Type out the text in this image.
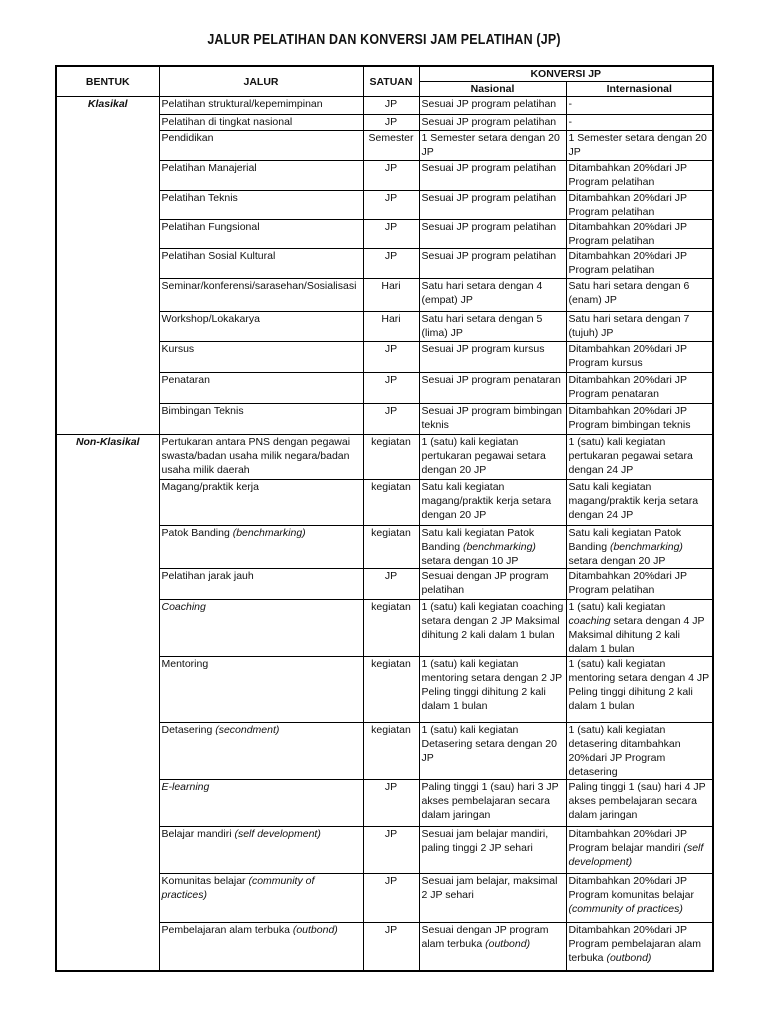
JALUR PELATIHAN DAN KONVERSI JAM PELATIHAN (JP)
BENTUK	JALUR	SATUAN	KONVERSI JP	
			Nasional	Internasional
Klasikal	Pelatihan struktural/kepemimpinan	JP	Sesuai JP program pelatihan	-
	Pelatihan di tingkat nasional	JP	Sesuai JP program pelatihan	-
	Pendidikan	Semester	1 Semester setara dengan 20 JP	1 Semester setara dengan 20 JP
	Pelatihan Manajerial	JP	Sesuai JP program pelatihan	Ditambahkan 20%dari JP Program pelatihan
	Pelatihan Teknis	JP	Sesuai JP program pelatihan	Ditambahkan 20%dari JP Program pelatihan
	Pelatihan Fungsional	JP	Sesuai JP program pelatihan	Ditambahkan 20%dari JP Program pelatihan
	Pelatihan Sosial Kultural	JP	Sesuai JP program pelatihan	Ditambahkan 20%dari JP Program pelatihan
	Seminar/konferensi/sarasehan/Sosialisasi	Hari	Satu hari setara dengan 4 (empat) JP	Satu hari setara dengan 6 (enam) JP
	Workshop/Lokakarya	Hari	Satu hari setara dengan 5 (lima) JP	Satu hari setara dengan 7 (tujuh) JP
	Kursus	JP	Sesuai JP program kursus	Ditambahkan 20%dari JP Program kursus
	Penataran	JP	Sesuai JP program penataran	Ditambahkan 20%dari JP Program penataran
	Bimbingan Teknis	JP	Sesuai JP program bimbingan teknis	Ditambahkan 20%dari JP Program bimbingan teknis
Non-Klasikal	Pertukaran antara PNS dengan pegawai swasta/badan usaha milik negara/badan usaha milik daerah	kegiatan	1 (satu) kali kegiatan pertukaran pegawai setara dengan 20 JP	1 (satu) kali kegiatan pertukaran pegawai setara dengan 24 JP
	Magang/praktik kerja	kegiatan	Satu kali kegiatan magang/praktik kerja setara dengan 20 JP	Satu kali kegiatan magang/praktik kerja setara dengan 24 JP
	Patok Banding (benchmarking)	kegiatan	Satu kali kegiatan Patok Banding (benchmarking) setara dengan 10 JP	Satu kali kegiatan Patok Banding (benchmarking) setara dengan 20 JP
	Pelatihan jarak jauh	JP	Sesuai dengan JP program pelatihan	Ditambahkan 20%dari JP Program pelatihan
	Coaching	kegiatan	1 (satu) kali kegiatan coaching setara dengan 2 JP Maksimal dihitung 2 kali dalam 1 bulan	1 (satu) kali kegiatan coaching setara dengan 4 JP Maksimal dihitung 2 kali dalam 1 bulan
	Mentoring	kegiatan	1 (satu) kali kegiatan mentoring setara dengan 2 JP Peling tinggi dihitung 2 kali dalam 1 bulan	1 (satu) kali kegiatan mentoring setara dengan 4 JP Peling tinggi dihitung 2 kali dalam 1 bulan
	Detasering (secondment)	kegiatan	1 (satu) kali kegiatan Detasering setara dengan 20 JP	1 (satu) kali kegiatan detasering ditambahkan 20%dari JP Program detasering
	E-learning	JP	Paling tinggi 1 (sau) hari 3 JP akses pembelajaran secara dalam jaringan	Paling tinggi 1 (sau) hari 4 JP akses pembelajaran secara dalam jaringan
	Belajar mandiri (self development)	JP	Sesuai jam belajar mandiri, paling tinggi 2 JP sehari	Ditambahkan 20%dari JP Program belajar mandiri (self development)
	Komunitas belajar (community of practices)	JP	Sesuai jam belajar, maksimal 2 JP sehari	Ditambahkan 20%dari JP Program komunitas belajar (community of practices)
	Pembelajaran alam terbuka (outbond)	JP	Sesuai dengan JP program alam terbuka (outbond)	Ditambahkan 20%dari JP Program pembelajaran alam terbuka (outbond)
